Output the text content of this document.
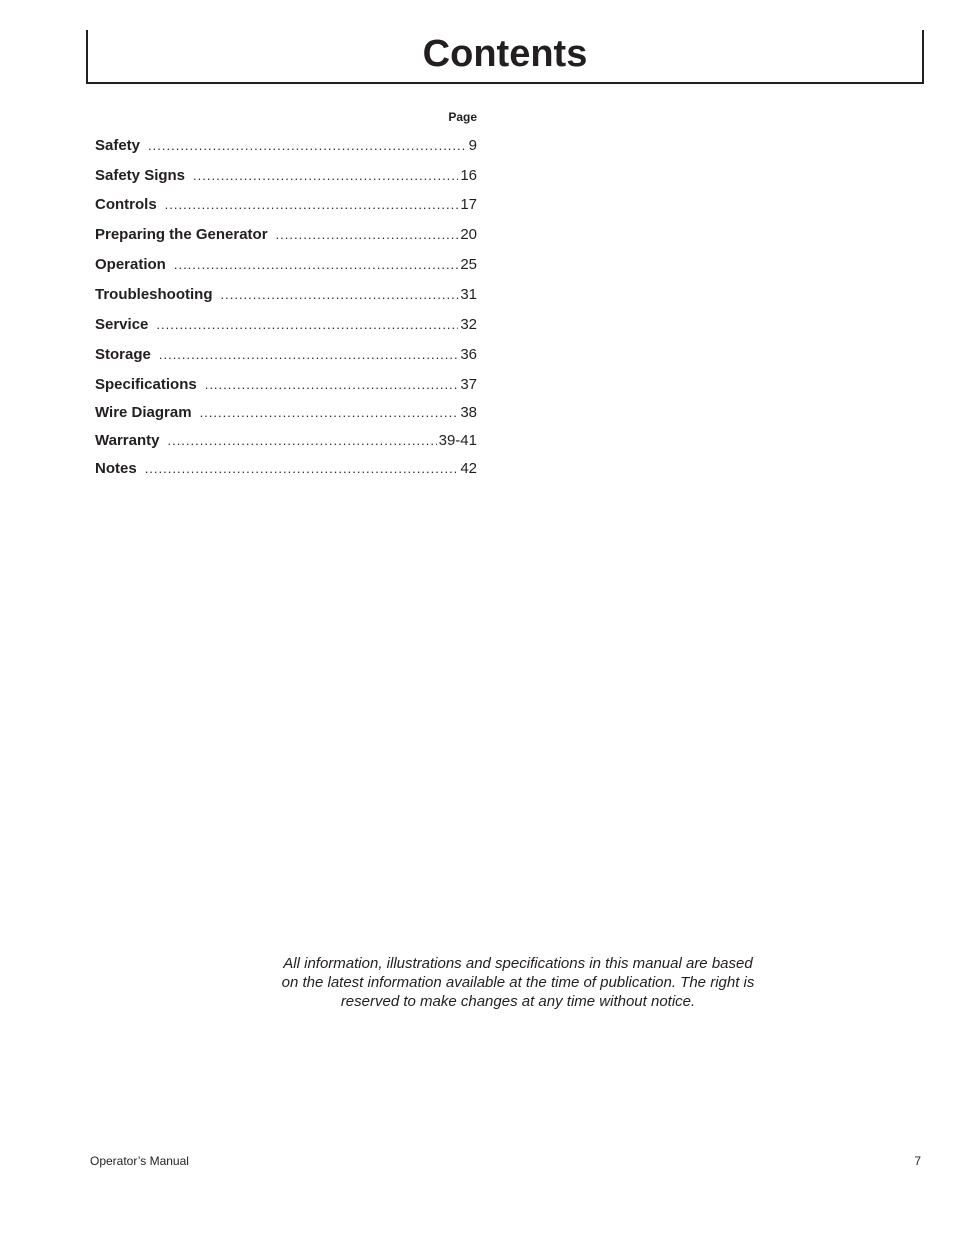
Contents
Page
Safety .....	9
Safety Signs .....	16
Controls .....	17
Preparing the Generator .....	20
Operation .....	25
Troubleshooting .....	31
Service .....	32
Storage .....	36
Specifications .....	37
Wire Diagram .....	38
Warranty .....	39-41
Notes .....	42
All information, illustrations and specifications in this manual are based
on the latest information available at the time of publication. The right is
reserved to make changes at any time without notice.
Operator’s Manual	7
